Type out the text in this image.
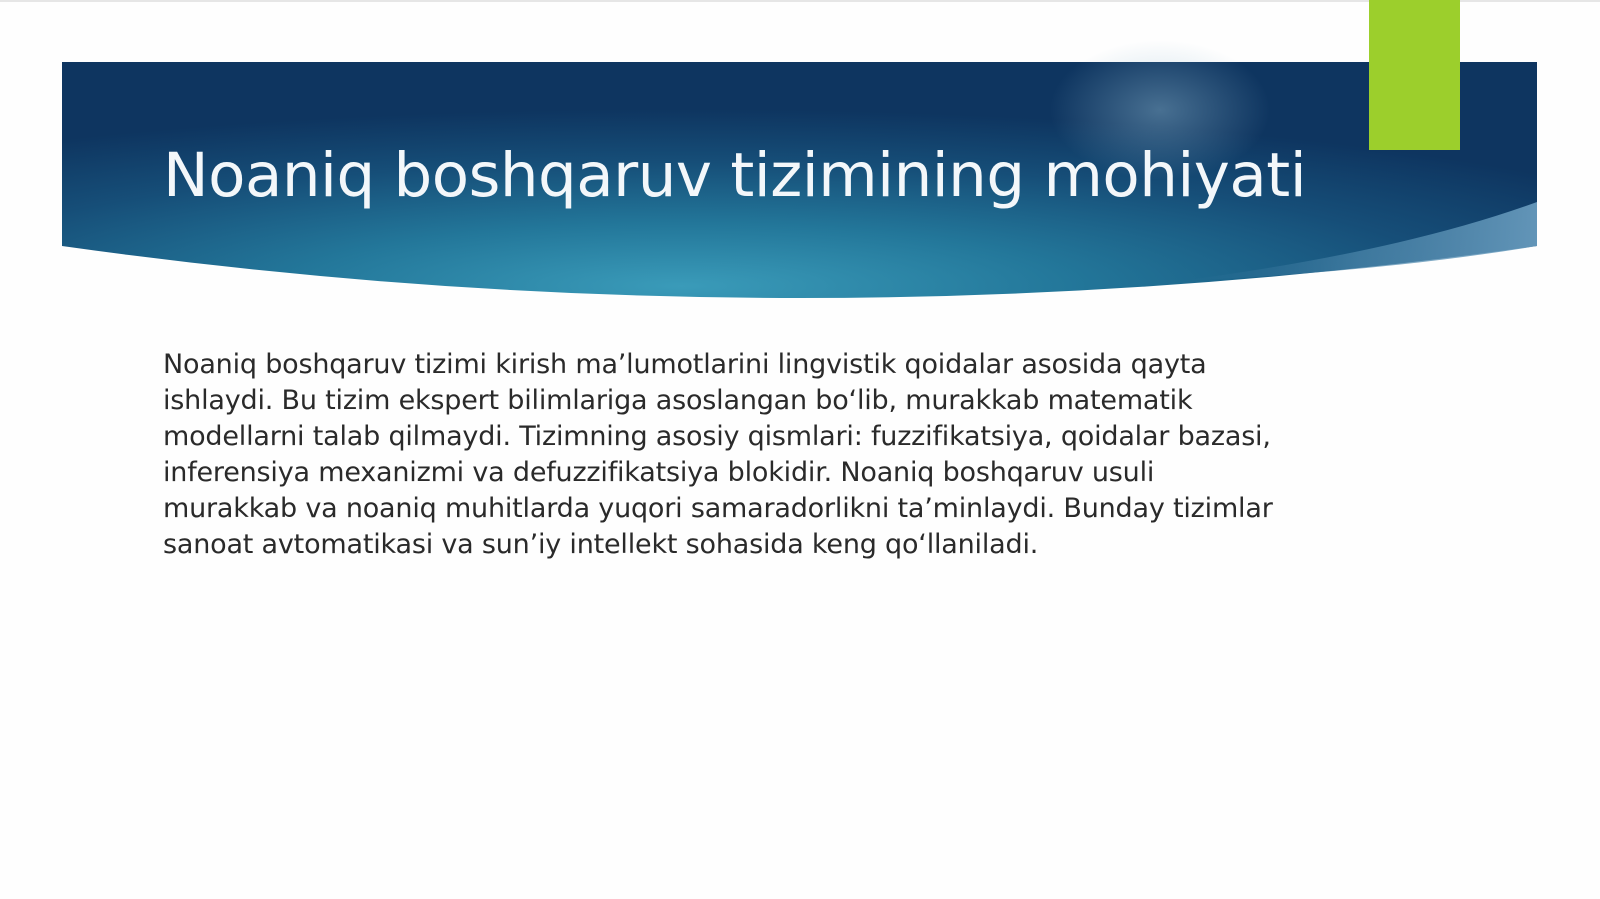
Noaniq boshqaruv tizimining mohiyati

Noaniq boshqaruv tizimi kirish ma’lumotlarini lingvistik qoidalar asosida qayta ishlaydi. Bu tizim ekspert bilimlariga asoslangan bo‘lib, murakkab matematik modellarni talab qilmaydi. Tizimning asosiy qismlari: fuzzifikatsiya, qoidalar bazasi, inferensiya mexanizmi va defuzzifikatsiya blokidir. Noaniq boshqaruv usuli murakkab va noaniq muhitlarda yuqori samaradorlikni ta’minlaydi. Bunday tizimlar sanoat avtomatikasi va sun’iy intellekt sohasida keng qo‘llaniladi.
